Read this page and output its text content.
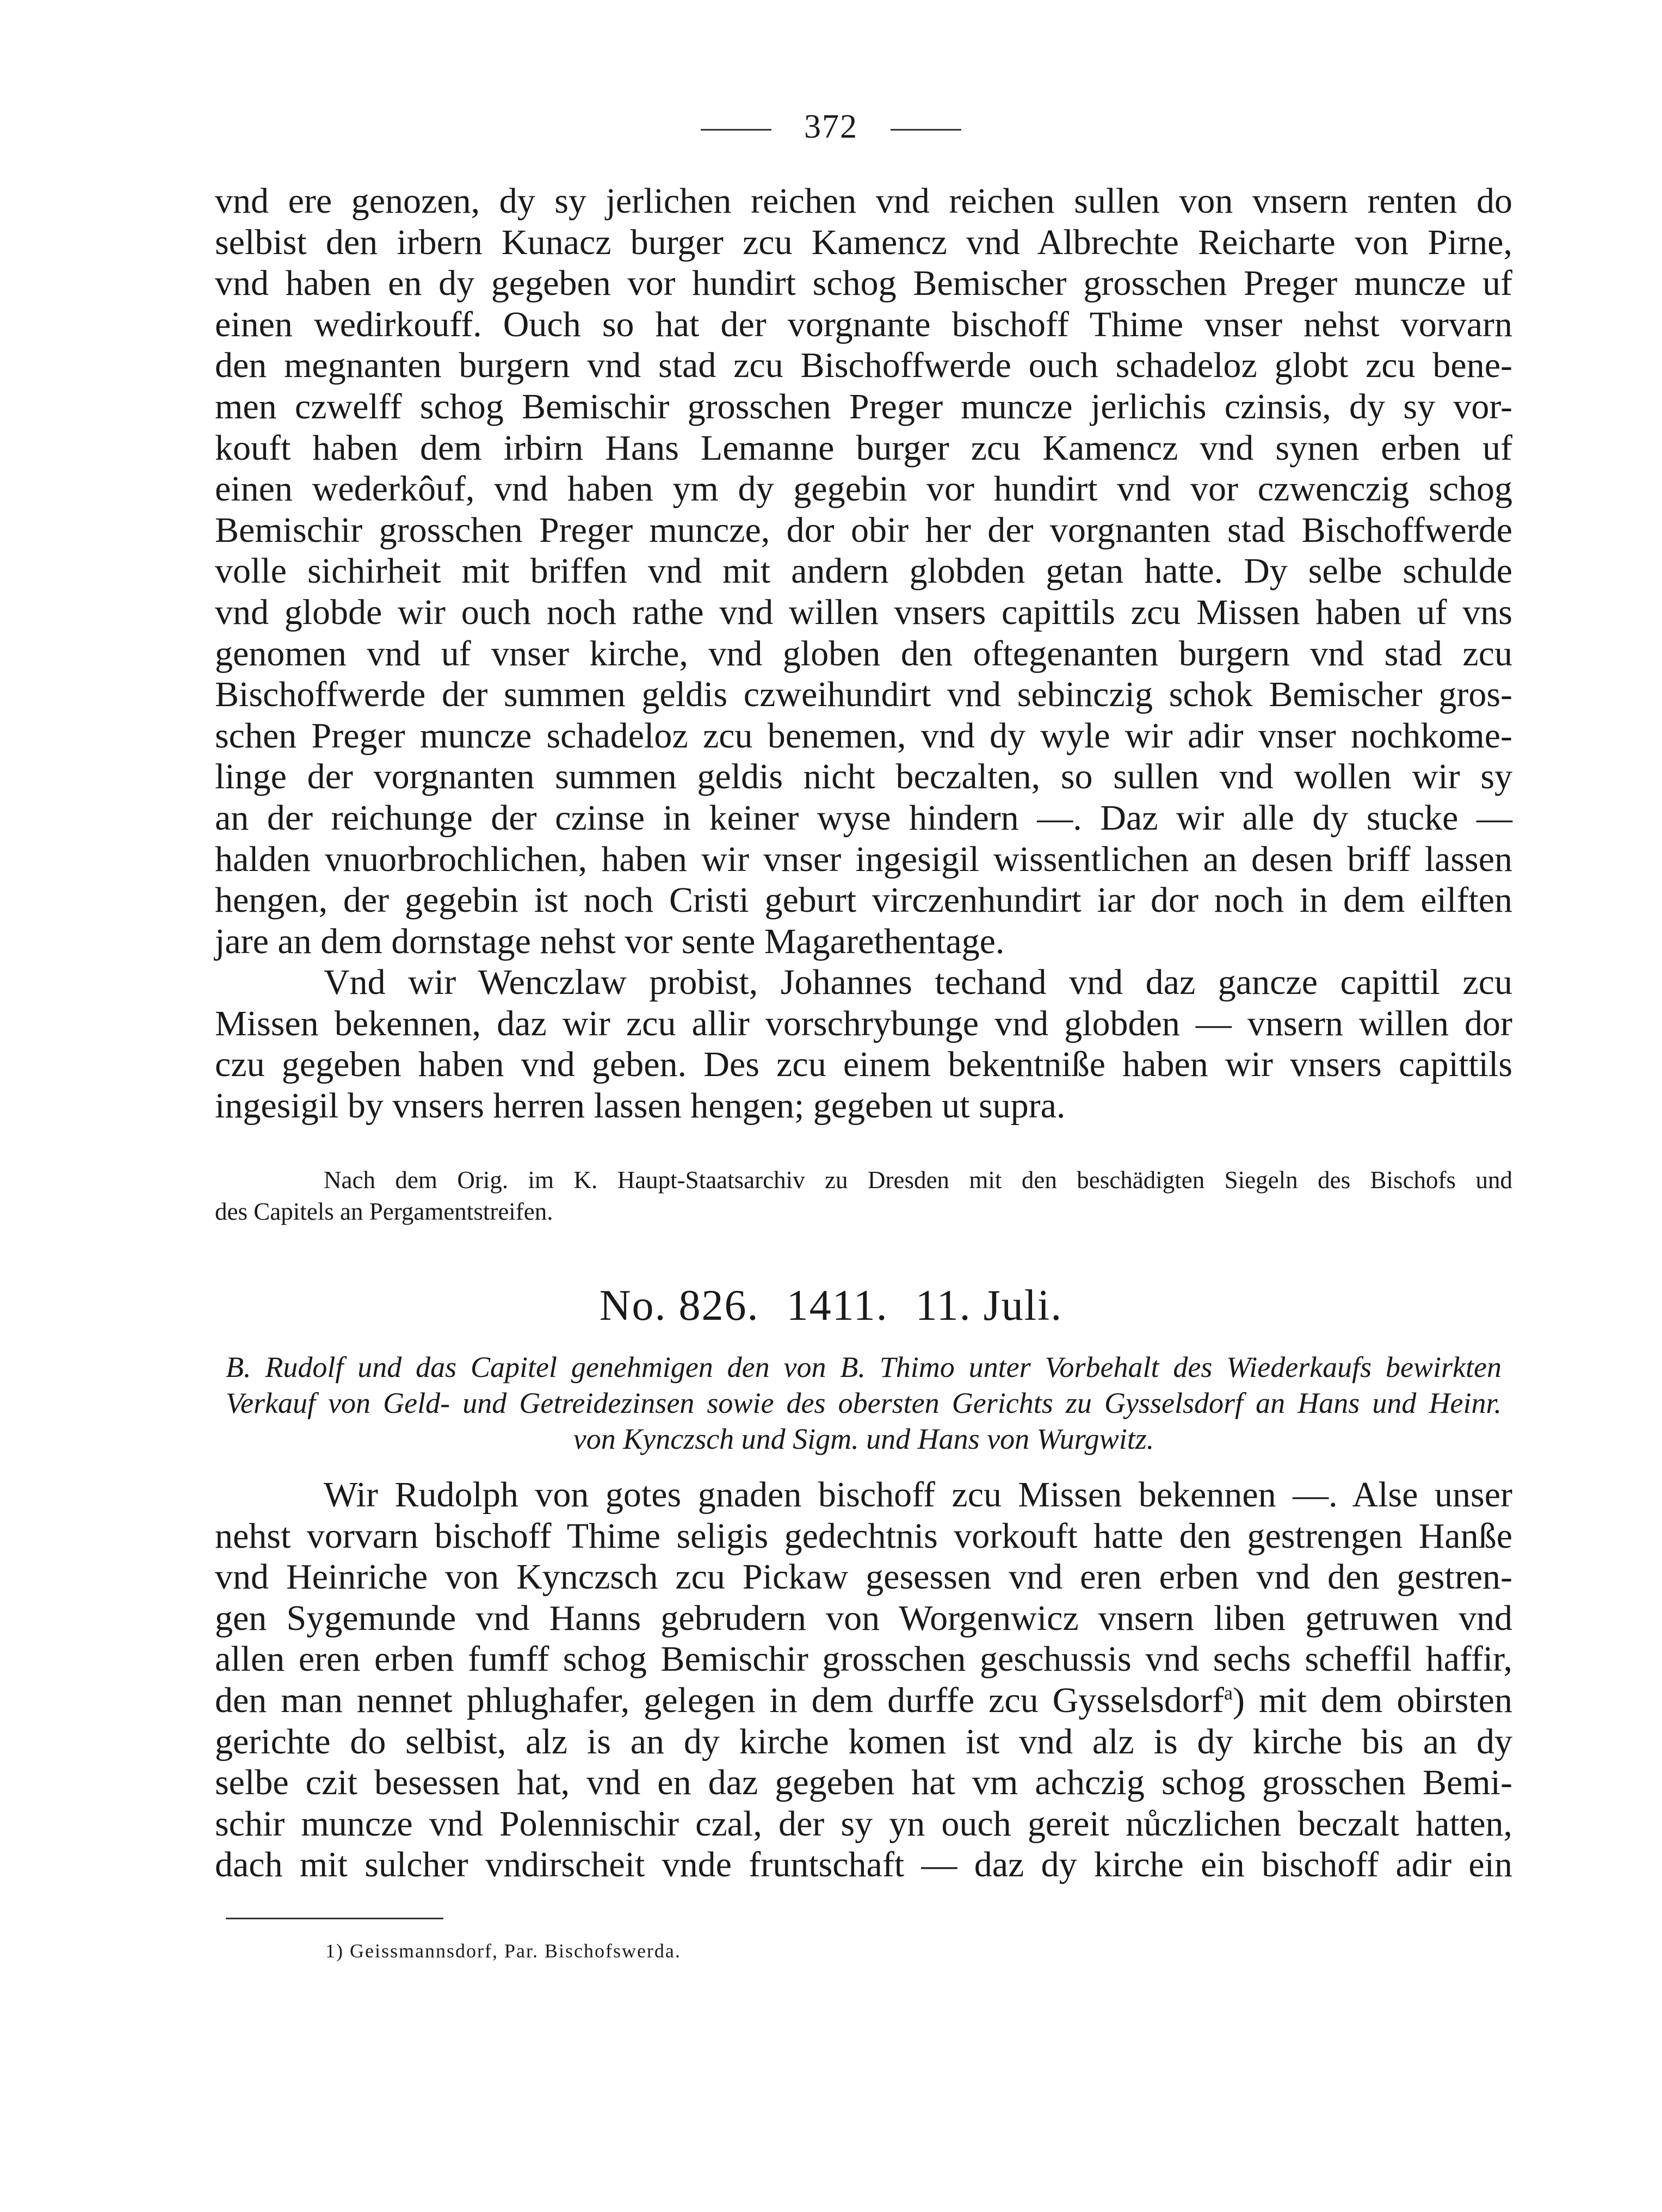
372
vnd ere genozen, dy sy jerlichen reichen vnd reichen sullen von vnsern renten do
selbist den irbern Kunacz burger zcu Kamencz vnd Albrechte Reicharte von Pirne,
vnd haben en dy gegeben vor hundirt schog Bemischer grosschen Preger muncze uf
einen wedirkouff. Ouch so hat der vorgnante bischoff Thime vnser nehst vorvarn
den megnanten burgern vnd stad zcu Bischoffwerde ouch schadeloz globt zcu bene-
men czwelff schog Bemischir grosschen Preger muncze jerlichis czinsis, dy sy vor-
kouft haben dem irbirn Hans Lemanne burger zcu Kamencz vnd synen erben uf
einen wederkôuf, vnd haben ym dy gegebin vor hundirt vnd vor czwenczig schog
Bemischir grosschen Preger muncze, dor obir her der vorgnanten stad Bischoffwerde
volle sichirheit mit briffen vnd mit andern globden getan hatte. Dy selbe schulde
vnd globde wir ouch noch rathe vnd willen vnsers capittils zcu Missen haben uf vns
genomen vnd uf vnser kirche, vnd globen den oftegenanten burgern vnd stad zcu
Bischoffwerde der summen geldis czweihundirt vnd sebinczig schok Bemischer gros-
schen Preger muncze schadeloz zcu benemen, vnd dy wyle wir adir vnser nochkome-
linge der vorgnanten summen geldis nicht beczalten, so sullen vnd wollen wir sy
an der reichunge der czinse in keiner wyse hindern —. Daz wir alle dy stucke —
halden vnuorbrochlichen, haben wir vnser ingesigil wissentlichen an desen briff lassen
hengen, der gegebin ist noch Cristi geburt virczenhundirt iar dor noch in dem eilften
jare an dem dornstage nehst vor sente Magarethentage.
Vnd wir Wenczlaw probist, Johannes techand vnd daz gancze capittil zcu
Missen bekennen, daz wir zcu allir vorschrybunge vnd globden — vnsern willen dor
czu gegeben haben vnd geben. Des zcu einem bekentniße haben wir vnsers capittils
ingesigil by vnsers herren lassen hengen; gegeben ut supra.
Nach dem Orig. im K. Haupt-Staatsarchiv zu Dresden mit den beschädigten Siegeln des Bischofs und
des Capitels an Pergamentstreifen.
No. 826. 1411. 11. Juli.
B. Rudolf und das Capitel genehmigen den von B. Thimo unter Vorbehalt des Wiederkaufs bewirkten
Verkauf von Geld- und Getreidezinsen sowie des obersten Gerichts zu Gysselsdorf an Hans und Heinr.
von Kynczsch und Sigm. und Hans von Wurgwitz.
Wir Rudolph von gotes gnaden bischoff zcu Missen bekennen —. Alse unser
nehst vorvarn bischoff Thime seligis gedechtnis vorkouft hatte den gestrengen Hanße
vnd Heinriche von Kynczsch zcu Pickaw gesessen vnd eren erben vnd den gestren-
gen Sygemunde vnd Hanns gebrudern von Worgenwicz vnsern liben getruwen vnd
allen eren erben fumff schog Bemischir grosschen geschussis vnd sechs scheffil haffir,
den man nennet phlughafer, gelegen in dem durffe zcu Gysselsdorf$^a$) mit dem obirsten
gerichte do selbist, alz is an dy kirche komen ist vnd alz is dy kirche bis an dy
selbe czit besessen hat, vnd en daz gegeben hat vm achczig schog grosschen Bemi-
schir muncze vnd Polennischir czal, der sy yn ouch gereit nůczlichen beczalt hatten,
dach mit sulcher vndirscheit vnde fruntschaft — daz dy kirche ein bischoff adir ein
1) Geissmannsdorf, Par. Bischofswerda.
